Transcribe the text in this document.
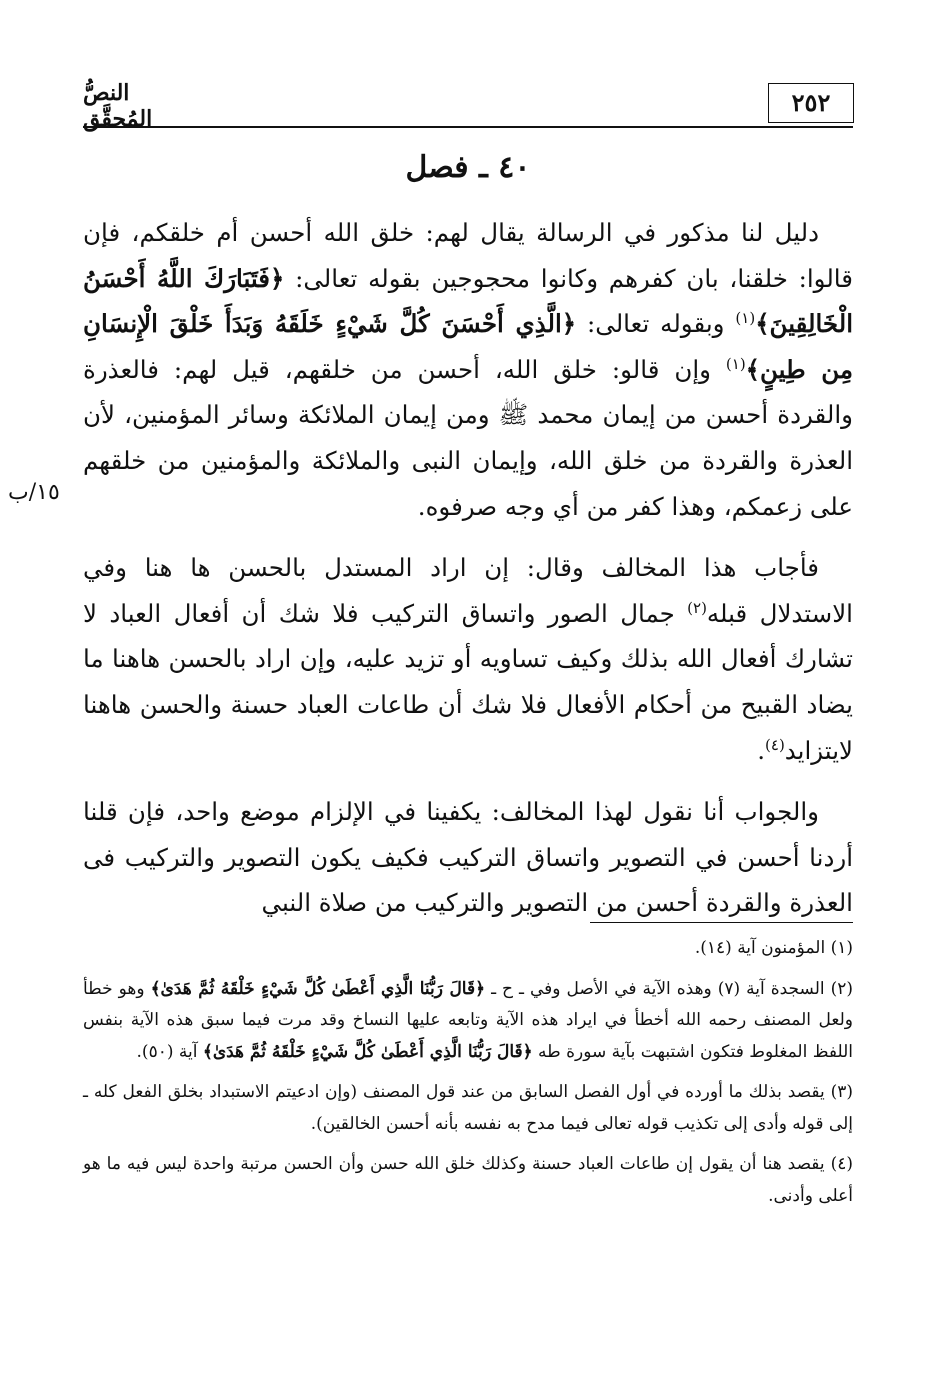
٢٥٢
النصُّ المُحقَّق
٤٠ ـ فصل
١٥/ب

دليل لنا مذكور في الرسالة يقال لهم: خلق الله أحسن أم خلقكم، فإن قالوا: خلقنا، بان كفرهم وكانوا محجوجين بقوله تعالى: ﴿فَتَبَارَكَ اللَّهُ أَحْسَنُ الْخَالِقِينَ﴾$^{(١)}$ وبقوله تعالى: ﴿الَّذِي أَحْسَنَ كُلَّ شَيْءٍ خَلَقَهُ وَبَدَأَ خَلْقَ الْإِنسَانِ مِن طِينٍ﴾$^{(١)}$ وإن قالو: خلق الله، أحسن من خلقهم، قيل لهم: فالعذرة والقردة أحسن من إيمان محمد ﷺ ومن إيمان الملائكة وسائر المؤمنين، لأن العذرة والقردة من خلق الله، وإيمان النبى والملائكة والمؤمنين من خلقهم على زعمكم، وهذا كفر من أي وجه صرفوه.

فأجاب هذا المخالف وقال: إن اراد المستدل بالحسن ها هنا وفي الاستدلال قبله$^{(٢)}$ جمال الصور واتساق التركيب فلا شك أن أفعال العباد لا تشارك أفعال الله بذلك وكيف تساويه أو تزيد عليه، وإن اراد بالحسن هاهنا ما يضاد القبيح من أحكام الأفعال فلا شك أن طاعات العباد حسنة والحسن هاهنا لايتزايد$^{(٤)}$.

والجواب أنا نقول لهذا المخالف: يكفينا في الإلزام موضع واحد، فإن قلنا أردنا أحسن في التصوير واتساق التركيب فكيف يكون التصوير والتركيب فى العذرة والقردة أحسن من التصوير والتركيب من صلاة النبي

(١) المؤمنون آية (١٤).
(٢) السجدة آية (٧) وهذه الآية في الأصل وفي ـ ح ـ ﴿قَالَ رَبُّنَا الَّذِي أَعْطَىٰ كُلَّ شَيْءٍ خَلْقَهُ ثُمَّ هَدَىٰ﴾ وهو خطأ ولعل المصنف رحمه الله أخطأ في ايراد هذه الآية وتابعه عليها النساخ وقد مرت فيما سبق هذه الآية بنفس اللفظ المغلوط فتكون اشتبهت بآية سورة طه ﴿قَالَ رَبُّنَا الَّذِي أَعْطَىٰ كُلَّ شَيْءٍ خَلْقَهُ ثُمَّ هَدَىٰ﴾ آية (٥٠).
(٣) يقصد بذلك ما أورده في أول الفصل السابق من عند قول المصنف (وإن ادعيتم الاستبداد بخلق الفعل كله ـ إلى قوله وأدى إلى تكذيب قوله تعالى فيما مدح به نفسه بأنه أحسن الخالقين).
(٤) يقصد هنا أن يقول إن طاعات العباد حسنة وكذلك خلق الله حسن وأن الحسن مرتبة واحدة ليس فيه ما هو أعلى وأدنى.
